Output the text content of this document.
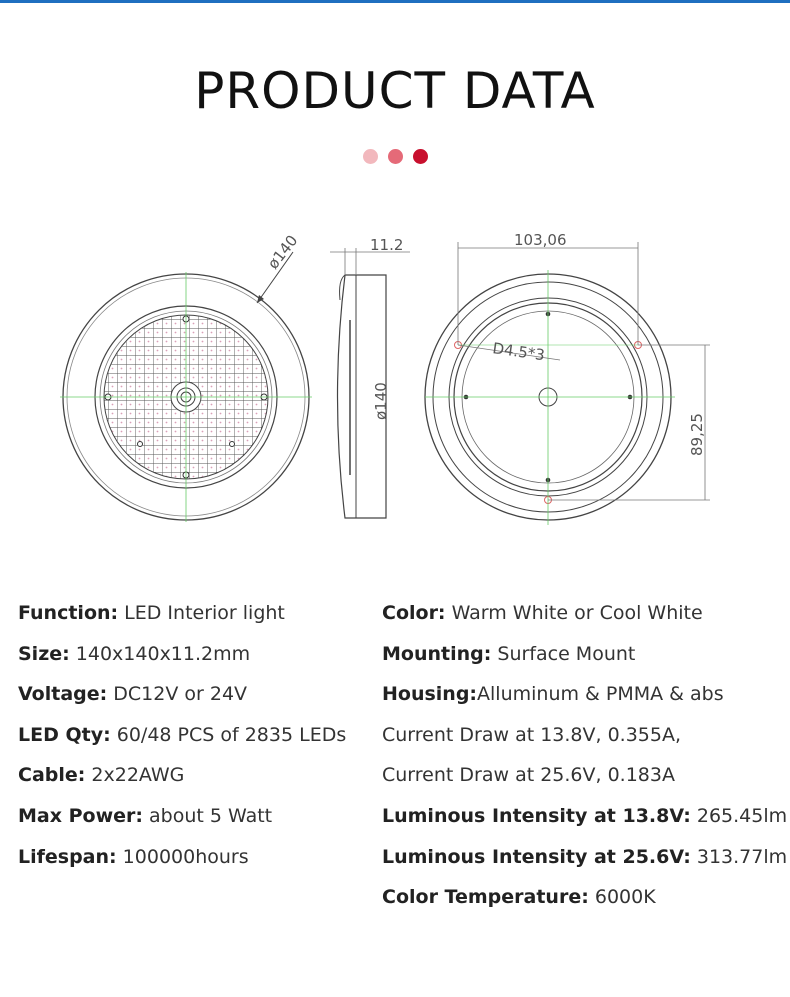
PRODUCT DATA
ø140	11.2
ø140
103,06
89,25
D4.5*3
Function: LED Interior light
Size: 140x140x11.2mm
Voltage: DC12V or 24V
LED Qty: 60/48 PCS of 2835 LEDs
Cable: 2x22AWG
Max Power: about 5 Watt
Lifespan: 100000hours
Color: Warm White or Cool White
Mounting: Surface Mount
Housing:Alluminum & PMMA & abs
Current Draw at 13.8V, 0.355A,
Current Draw at 25.6V, 0.183A
Luminous Intensity at 13.8V: 265.45lm
Luminous Intensity at 25.6V: 313.77lm
Color Temperature: 6000K
